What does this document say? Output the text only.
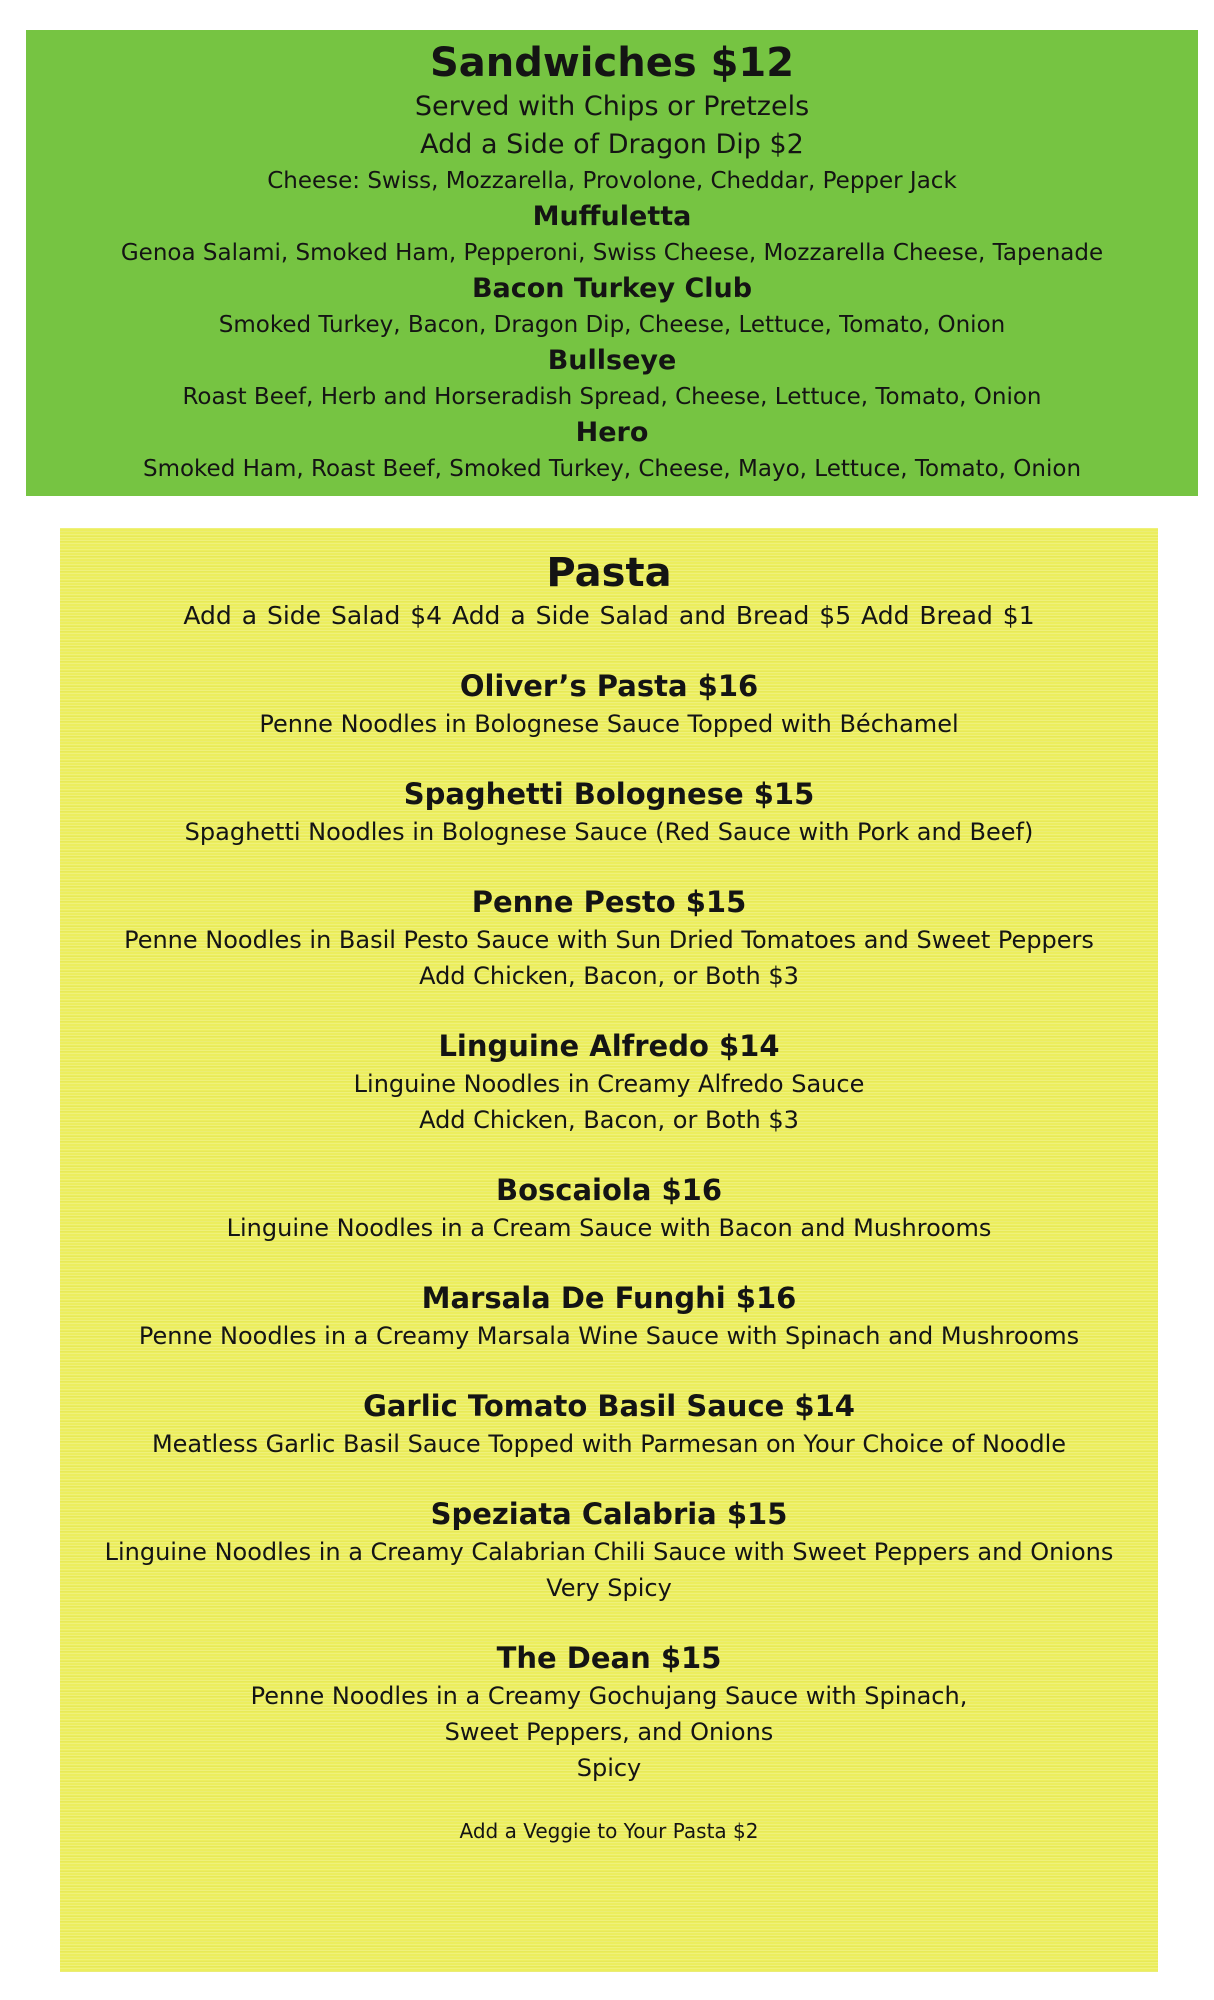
Sandwiches $12
Served with Chips or Pretzels
Add a Side of Dragon Dip $2
Cheese: Swiss, Mozzarella, Provolone, Cheddar, Pepper Jack
Muffuletta
Genoa Salami, Smoked Ham, Pepperoni, Swiss Cheese, Mozzarella Cheese, Tapenade
Bacon Turkey Club
Smoked Turkey, Bacon, Dragon Dip, Cheese, Lettuce, Tomato, Onion
Bullseye
Roast Beef, Herb and Horseradish Spread, Cheese, Lettuce, Tomato, Onion
Hero
Smoked Ham, Roast Beef, Smoked Turkey, Cheese, Mayo, Lettuce, Tomato, Onion
Pasta
Add a Side Salad $4 Add a Side Salad and Bread $5 Add Bread $1
Oliver’s Pasta $16
Penne Noodles in Bolognese Sauce Topped with Béchamel
Spaghetti Bolognese $15
Spaghetti Noodles in Bolognese Sauce (Red Sauce with Pork and Beef)
Penne Pesto $15
Penne Noodles in Basil Pesto Sauce with Sun Dried Tomatoes and Sweet Peppers
Add Chicken, Bacon, or Both $3
Linguine Alfredo $14
Linguine Noodles in Creamy Alfredo Sauce
Add Chicken, Bacon, or Both $3
Boscaiola $16
Linguine Noodles in a Cream Sauce with Bacon and Mushrooms
Marsala De Funghi $16
Penne Noodles in a Creamy Marsala Wine Sauce with Spinach and Mushrooms
Garlic Tomato Basil Sauce $14
Meatless Garlic Basil Sauce Topped with Parmesan on Your Choice of Noodle
Speziata Calabria $15
Linguine Noodles in a Creamy Calabrian Chili Sauce with Sweet Peppers and Onions
Very Spicy
The Dean $15
Penne Noodles in a Creamy Gochujang Sauce with Spinach,
Sweet Peppers, and Onions
Spicy
Add a Veggie to Your Pasta $2
